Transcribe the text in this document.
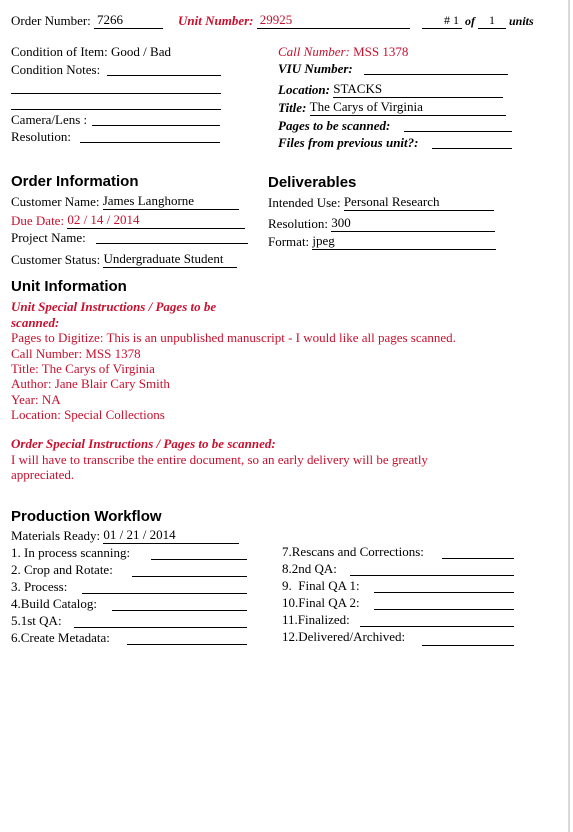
Order Number: 7266	Unit Number: 29925	# 1 of 1 units
Condition of Item: Good / Bad
Condition Notes:
Camera/Lens :
Resolution:
Call Number: MSS 1378
VIU Number:
Location: STACKS
Title: The Carys of Virginia
Pages to be scanned:
Files from previous unit?:
Order Information
Customer Name: James Langhorne
Due Date: 02 / 14 / 2014
Project Name:
Customer Status: Undergraduate Student
Deliverables
Intended Use: Personal Research
Resolution: 300
Format: jpeg
Unit Information
Unit Special Instructions / Pages to be
scanned:
Pages to Digitize: This is an unpublished manuscript - I would like all pages scanned.
Call Number: MSS 1378
Title: The Carys of Virginia
Author: Jane Blair Cary Smith
Year: NA
Location: Special Collections
Order Special Instructions / Pages to be scanned:
I will have to transcribe the entire document, so an early delivery will be greatly
appreciated.
Production Workflow
Materials Ready: 01 / 21 / 2014
1. In process scanning:
2. Crop and Rotate:
3. Process:
4.Build Catalog:
5.1st QA:
6.Create Metadata:
7.Rescans and Corrections:
8.2nd QA:
9. Final QA 1:
10.Final QA 2:
11.Finalized:
12.Delivered/Archived:
